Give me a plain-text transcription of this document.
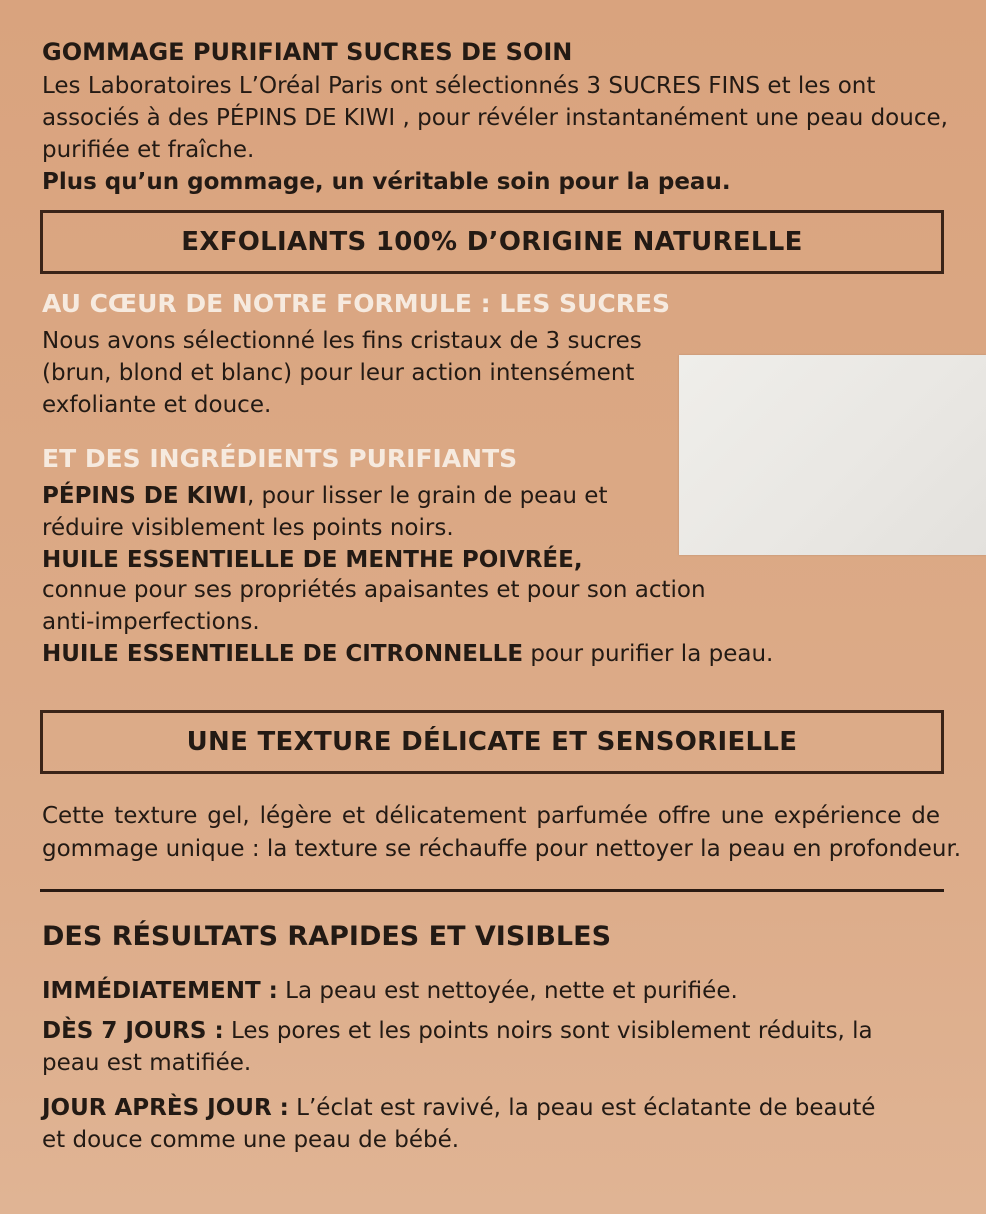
GOMMAGE PURIFIANT SUCRES DE SOIN

Les Laboratoires L’Oréal Paris ont sélectionnés 3 SUCRES FINS et les ont

associés à des PÉPINS DE KIWI , pour révéler instantanément une peau douce,

purifiée et fraîche.

Plus qu’un gommage, un véritable soin pour la peau.

EXFOLIANTS 100% D’ORIGINE NATURELLE

AU CŒUR DE NOTRE FORMULE : LES SUCRES

Nous avons sélectionné les fins cristaux de 3 sucres

(brun, blond et blanc) pour leur action intensément

exfoliante et douce.

ET DES INGRÉDIENTS PURIFIANTS

PÉPINS DE KIWI, pour lisser le grain de peau et

réduire visiblement les points noirs.

HUILE ESSENTIELLE DE MENTHE POIVRÉE,

connue pour ses propriétés apaisantes et pour son action

anti-imperfections.

HUILE ESSENTIELLE DE CITRONNELLE pour purifier la peau.

UNE TEXTURE DÉLICATE ET SENSORIELLE

Cette texture gel, légère et délicatement parfumée offre une expérience de

gommage unique : la texture se réchauffe pour nettoyer la peau en profondeur.

DES RÉSULTATS RAPIDES ET VISIBLES

IMMÉDIATEMENT : La peau est nettoyée, nette et purifiée.

DÈS 7 JOURS : Les pores et les points noirs sont visiblement réduits, la

peau est matifiée.

JOUR APRÈS JOUR : L’éclat est ravivé, la peau est éclatante de beauté

et douce comme une peau de bébé.
